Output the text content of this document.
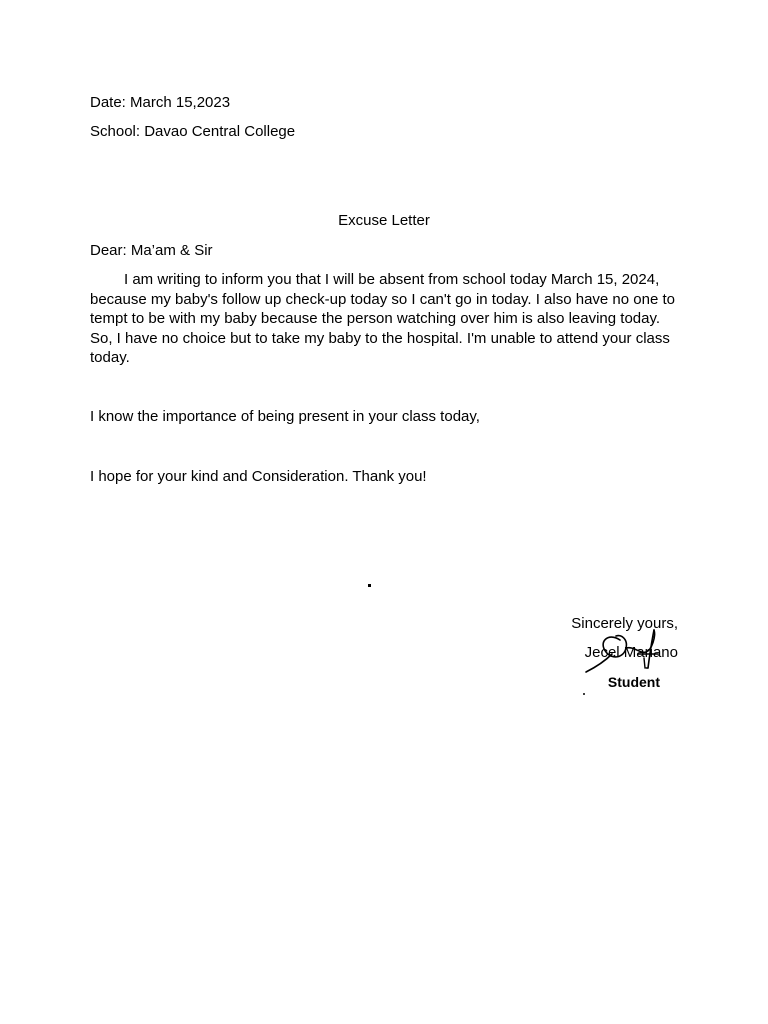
Date: March 15,2023
School: Davao Central College
Excuse Letter
Dear: Ma’am & Sir
I am writing to inform you that I will be absent from school today March 15, 2024, because my baby's follow up check-up today so I can't go in today. I also have no one to tempt to be with my baby because the person watching over him is also leaving today. So, I have no choice but to take my baby to the hospital. I'm unable to attend your class today.
I know the importance of being present in your class today,
I hope for your kind and Consideration. Thank you!
Sincerely yours,
Jecel Mariano
Student
